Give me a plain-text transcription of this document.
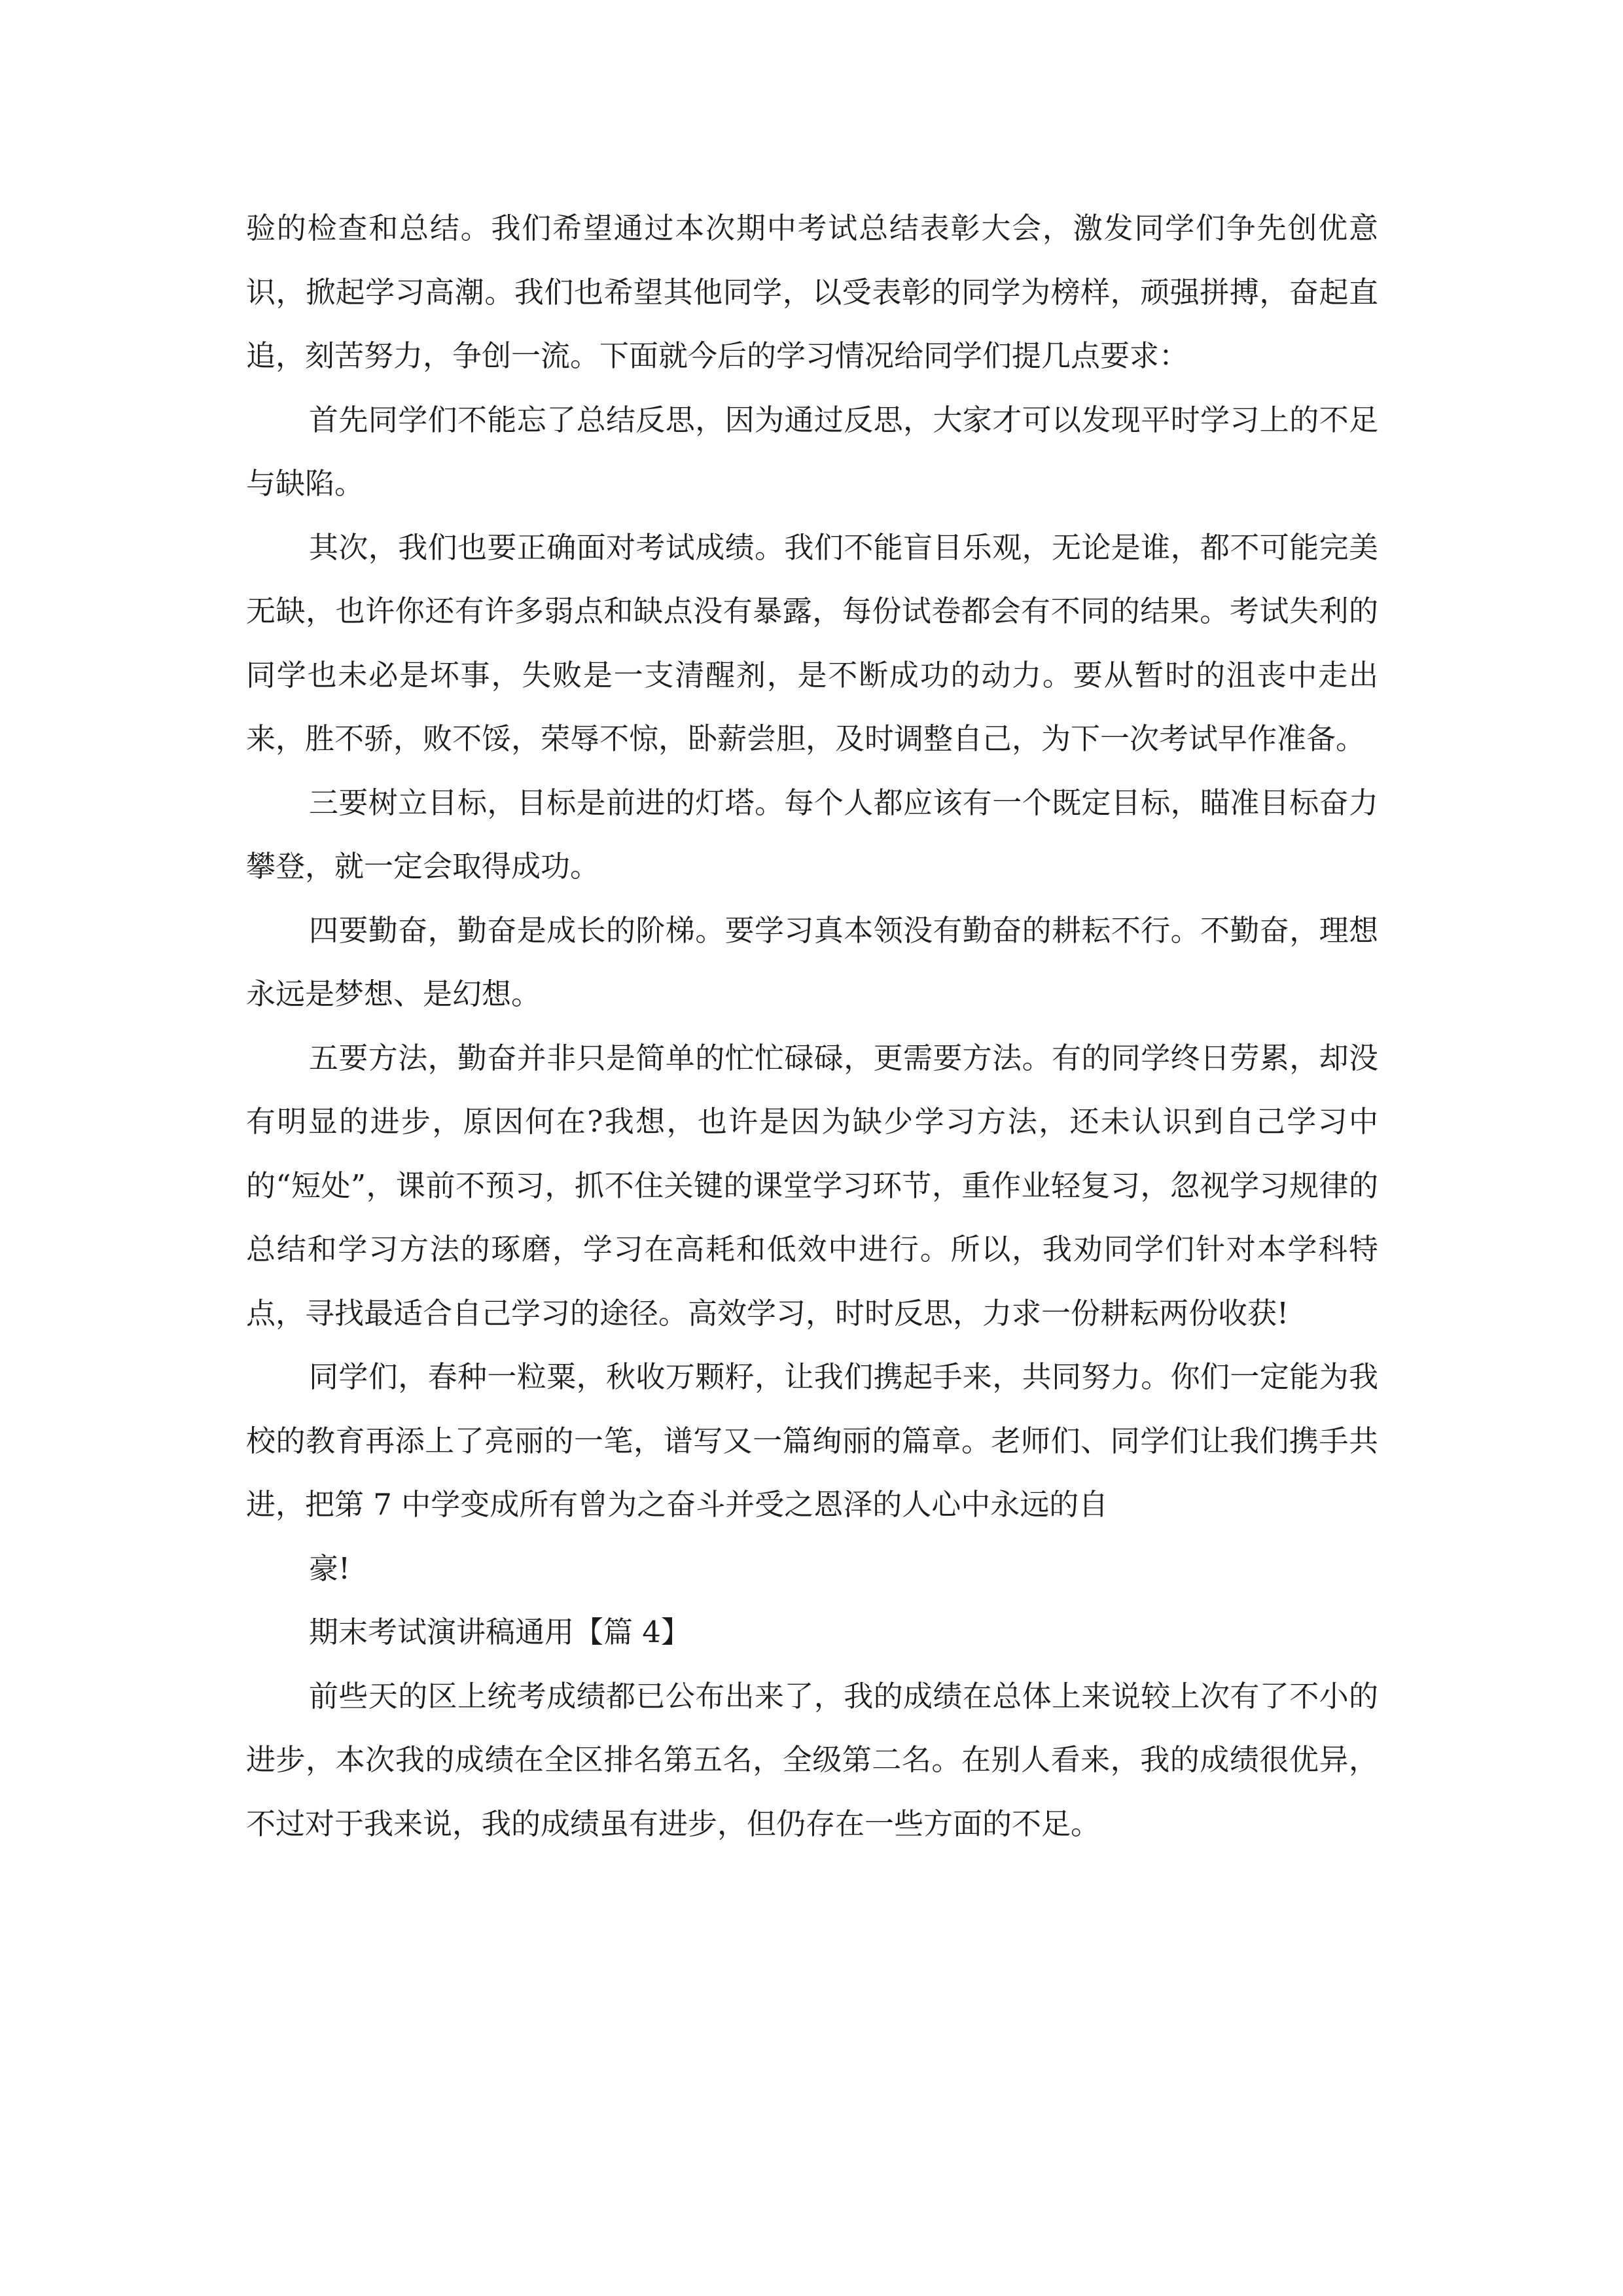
验的检查和总结。我们希望通过本次期中考试总结表彰大会，激发同学们争先创优意识，掀起学习高潮。我们也希望其他同学，以受表彰的同学为榜样，顽强拼搏，奋起直追，刻苦努力，争创一流。下面就今后的学习情况给同学们提几点要求：

首先同学们不能忘了总结反思，因为通过反思，大家才可以发现平时学习上的不足与缺陷。

其次，我们也要正确面对考试成绩。我们不能盲目乐观，无论是谁，都不可能完美无缺，也许你还有许多弱点和缺点没有暴露，每份试卷都会有不同的结果。考试失利的同学也未必是坏事，失败是一支清醒剂，是不断成功的动力。要从暂时的沮丧中走出来，胜不骄，败不馁，荣辱不惊，卧薪尝胆，及时调整自己，为下一次考试早作准备。

三要树立目标，目标是前进的灯塔。每个人都应该有一个既定目标，瞄准目标奋力攀登，就一定会取得成功。

四要勤奋，勤奋是成长的阶梯。要学习真本领没有勤奋的耕耘不行。不勤奋，理想永远是梦想、是幻想。

五要方法，勤奋并非只是简单的忙忙碌碌，更需要方法。有的同学终日劳累，却没有明显的进步，原因何在?我想，也许是因为缺少学习方法，还未认识到自己学习中的“短处”，课前不预习，抓不住关键的课堂学习环节，重作业轻复习，忽视学习规律的总结和学习方法的琢磨，学习在高耗和低效中进行。所以，我劝同学们针对本学科特点，寻找最适合自己学习的途径。高效学习，时时反思，力求一份耕耘两份收获!

同学们，春种一粒粟，秋收万颗籽，让我们携起手来，共同努力。你们一定能为我校的教育再添上了亮丽的一笔，谱写又一篇绚丽的篇章。老师们、同学们让我们携手共进，把第 7 中学变成所有曾为之奋斗并受之恩泽的人心中永远的自

豪!

期末考试演讲稿通用【篇 4】

前些天的区上统考成绩都已公布出来了，我的成绩在总体上来说较上次有了不小的进步，本次我的成绩在全区排名第五名，全级第二名。在别人看来，我的成绩很优异，不过对于我来说，我的成绩虽有进步，但仍存在一些方面的不足。
